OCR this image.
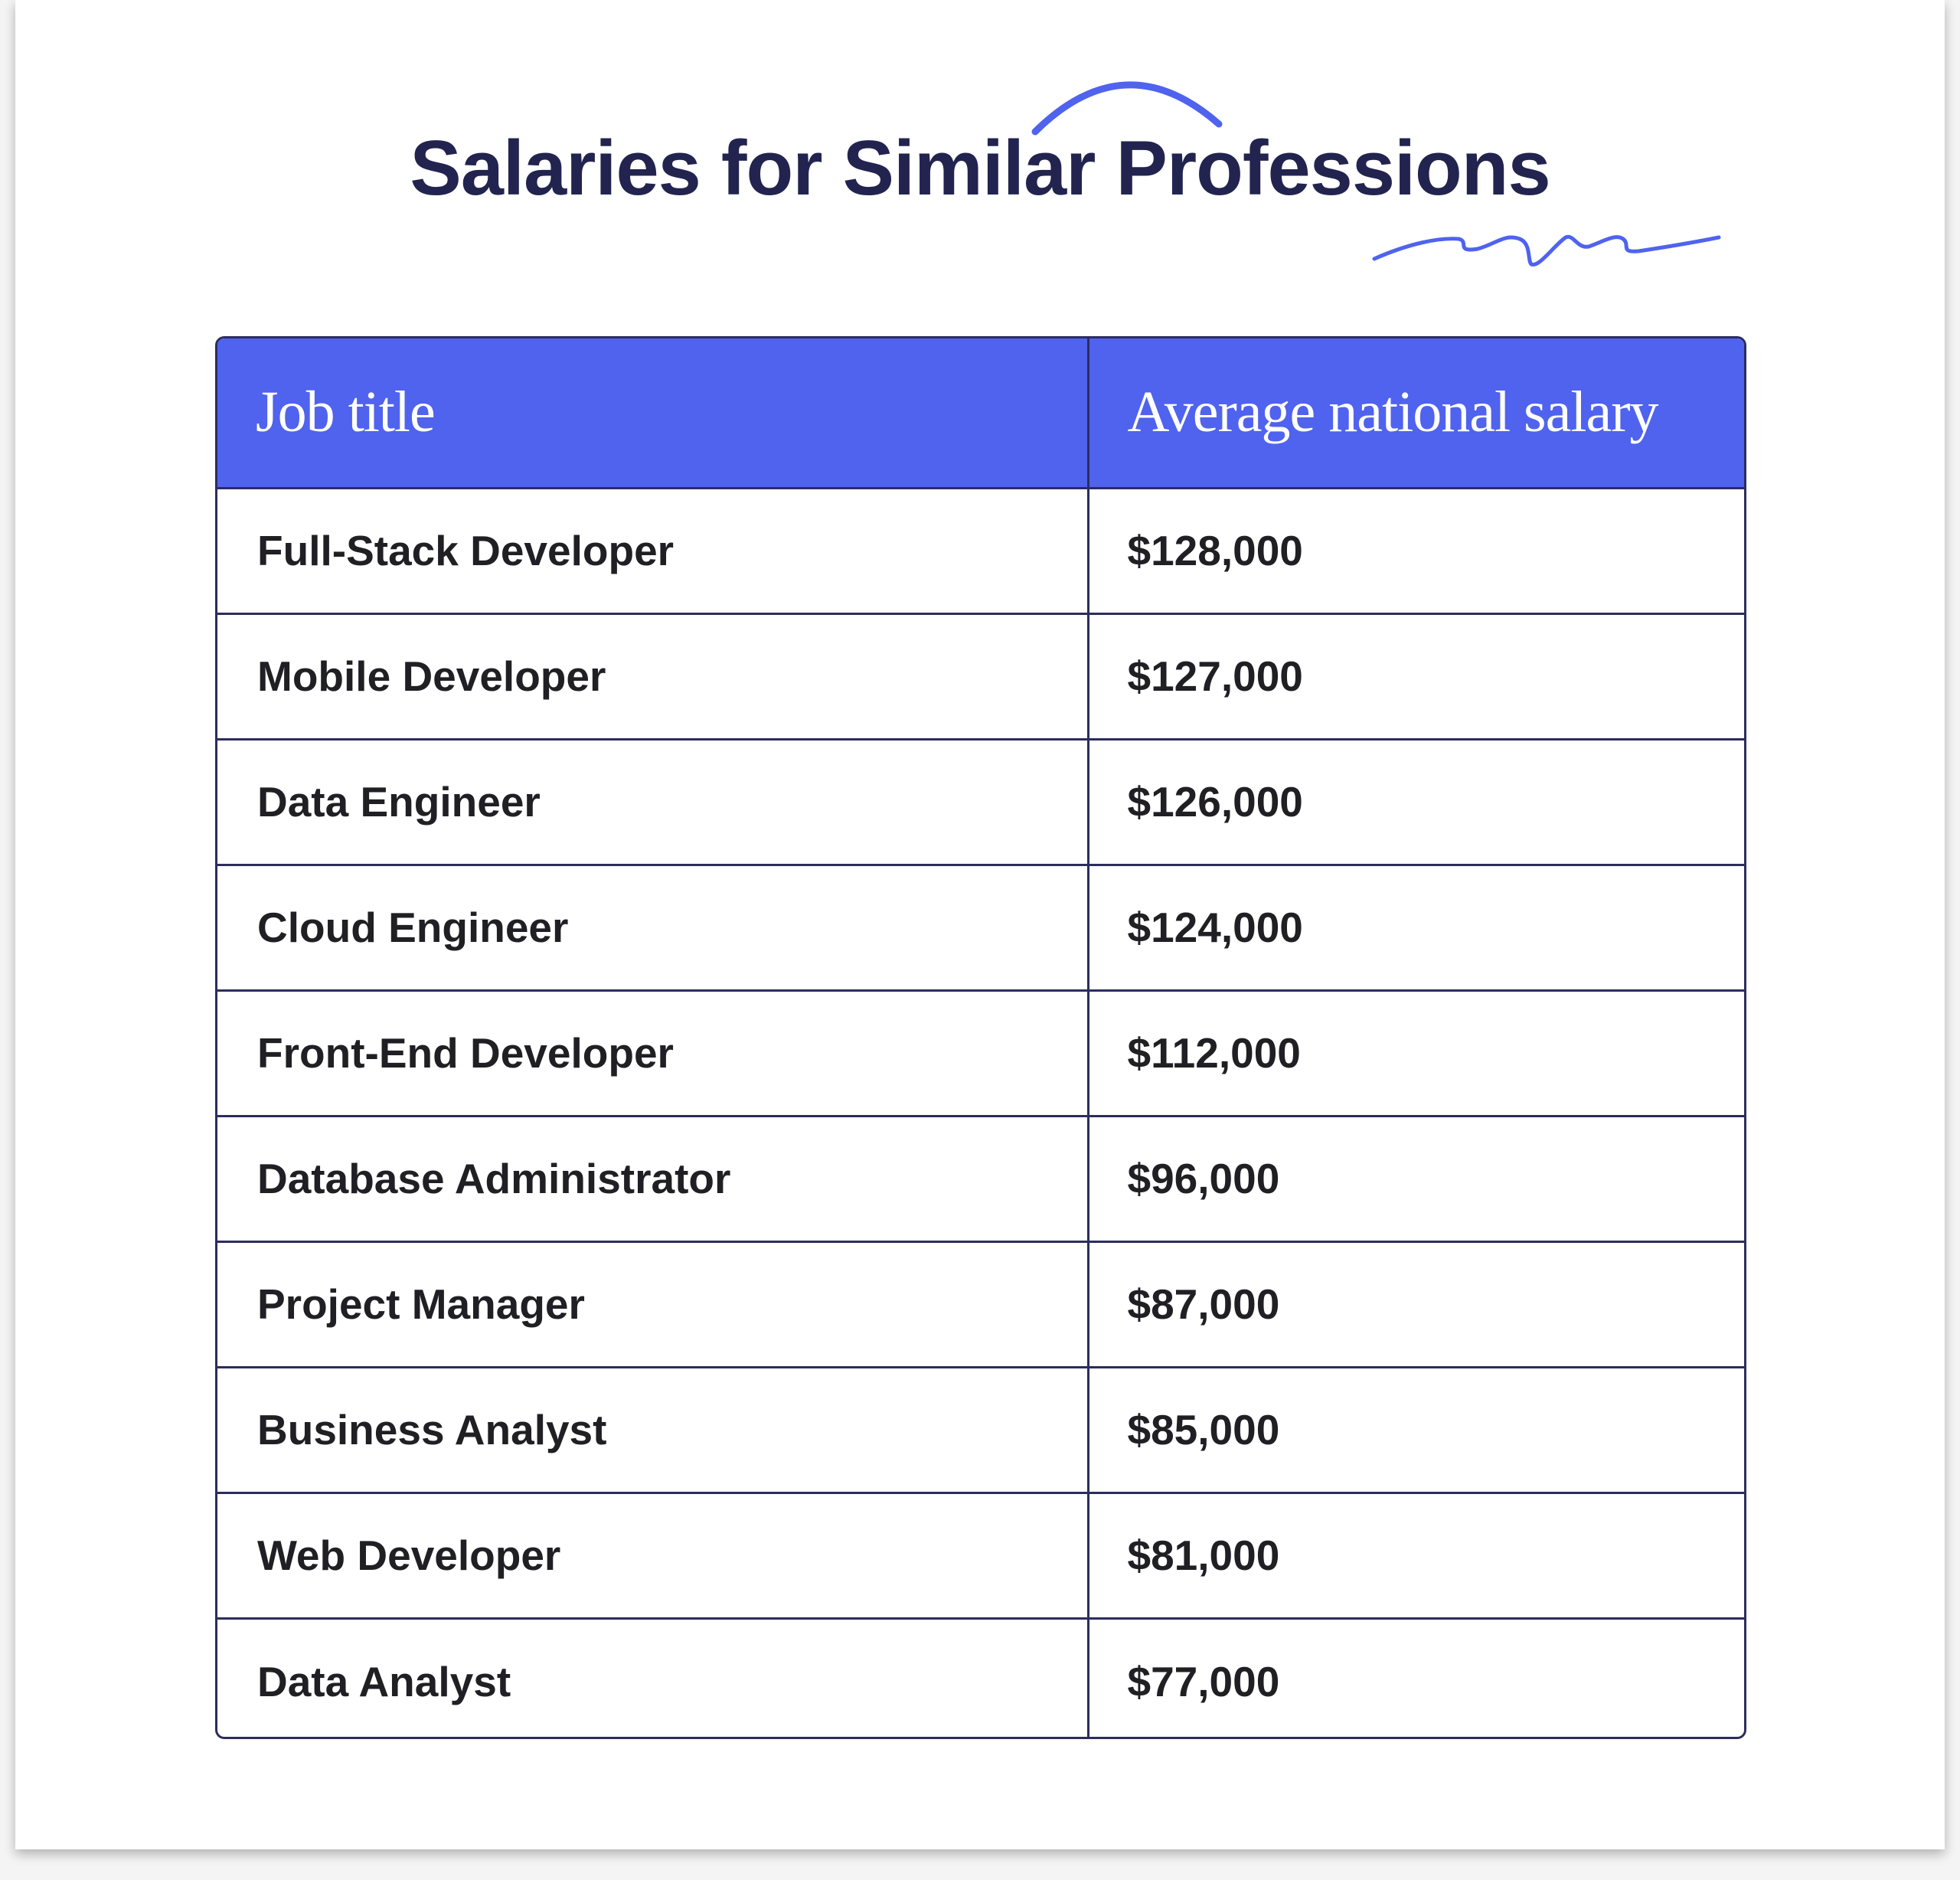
Salaries for Similar Professions
Job title	Average national salary
Full-Stack Developer	$128,000
Mobile Developer	$127,000
Data Engineer	$126,000
Cloud Engineer	$124,000
Front-End Developer	$112,000
Database Administrator	$96,000
Project Manager	$87,000
Business Analyst	$85,000
Web Developer	$81,000
Data Analyst	$77,000
